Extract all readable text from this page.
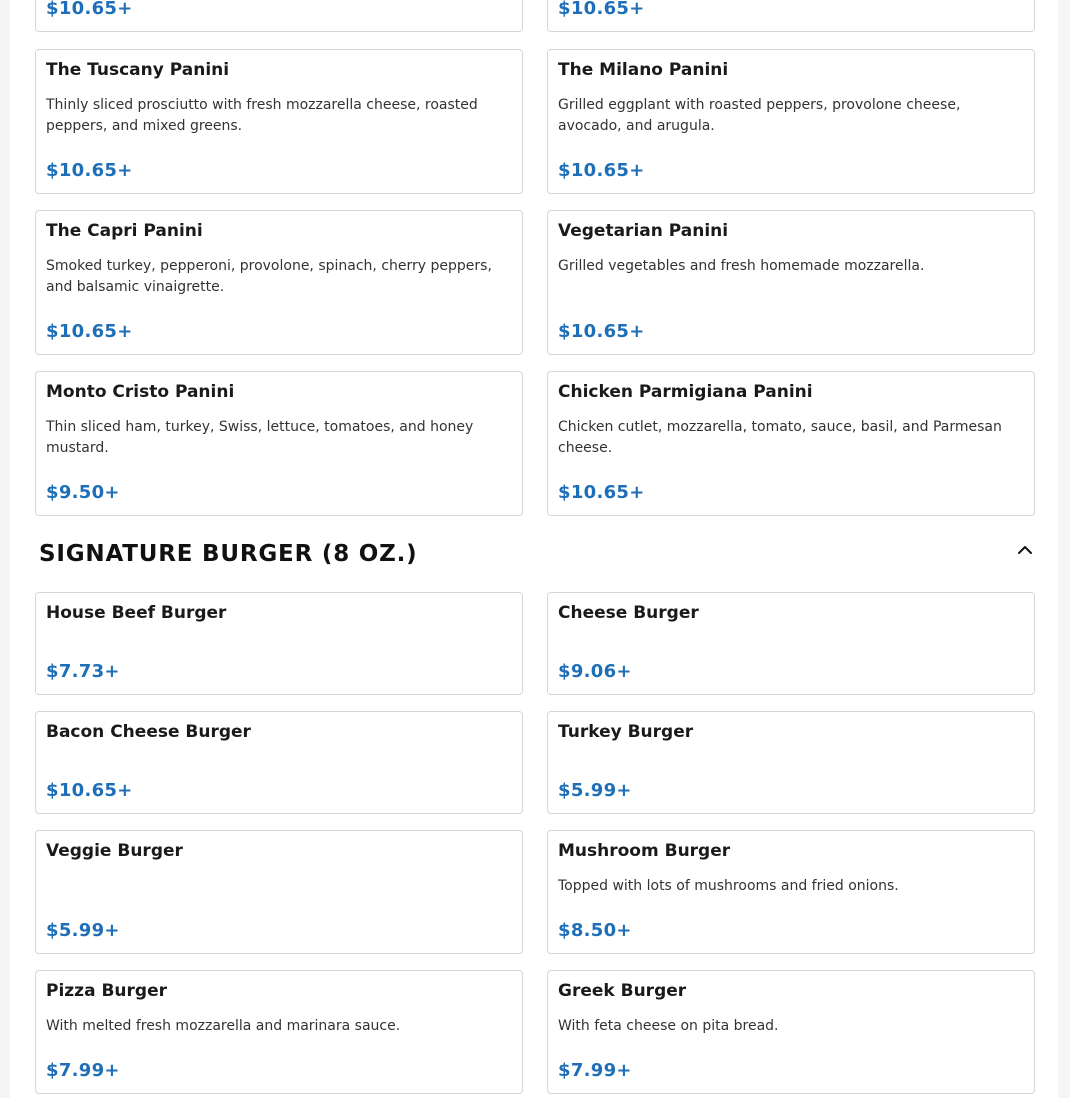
$10.65+	$10.65+
The Tuscany Panini
Thinly sliced prosciutto with fresh mozzarella cheese, roasted peppers, and mixed greens.
$10.65+
The Milano Panini
Grilled eggplant with roasted peppers, provolone cheese, avocado, and arugula.
$10.65+
The Capri Panini
Smoked turkey, pepperoni, provolone, spinach, cherry peppers, and balsamic vinaigrette.
$10.65+
Vegetarian Panini
Grilled vegetables and fresh homemade mozzarella.
$10.65+
Monto Cristo Panini
Thin sliced ham, turkey, Swiss, lettuce, tomatoes, and honey mustard.
$9.50+
Chicken Parmigiana Panini
Chicken cutlet, mozzarella, tomato, sauce, basil, and Parmesan cheese.
$10.65+
SIGNATURE BURGER (8 OZ.)
House Beef Burger
$7.73+
Cheese Burger
$9.06+
Bacon Cheese Burger
$10.65+
Turkey Burger
$5.99+
Veggie Burger
$5.99+
Mushroom Burger
Topped with lots of mushrooms and fried onions.
$8.50+
Pizza Burger
With melted fresh mozzarella and marinara sauce.
$7.99+
Greek Burger
With feta cheese on pita bread.
$7.99+
